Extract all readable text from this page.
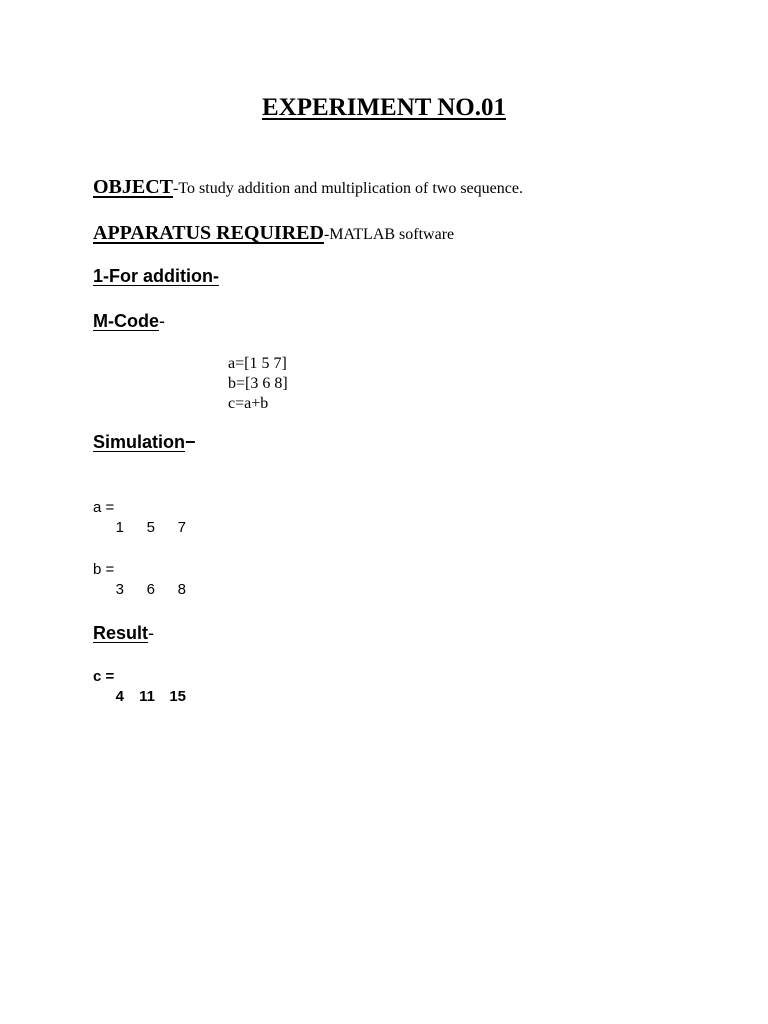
EXPERIMENT NO.01
OBJECT-To study addition and multiplication of two sequence.
APPARATUS REQUIRED-MATLAB software
1-For addition-
M-Code-
a=[1 5 7]
b=[3 6 8]
c=a+b
Simulation−
a =
1 5 7
b =
3 6 8
Result-
c =
4 11 15
